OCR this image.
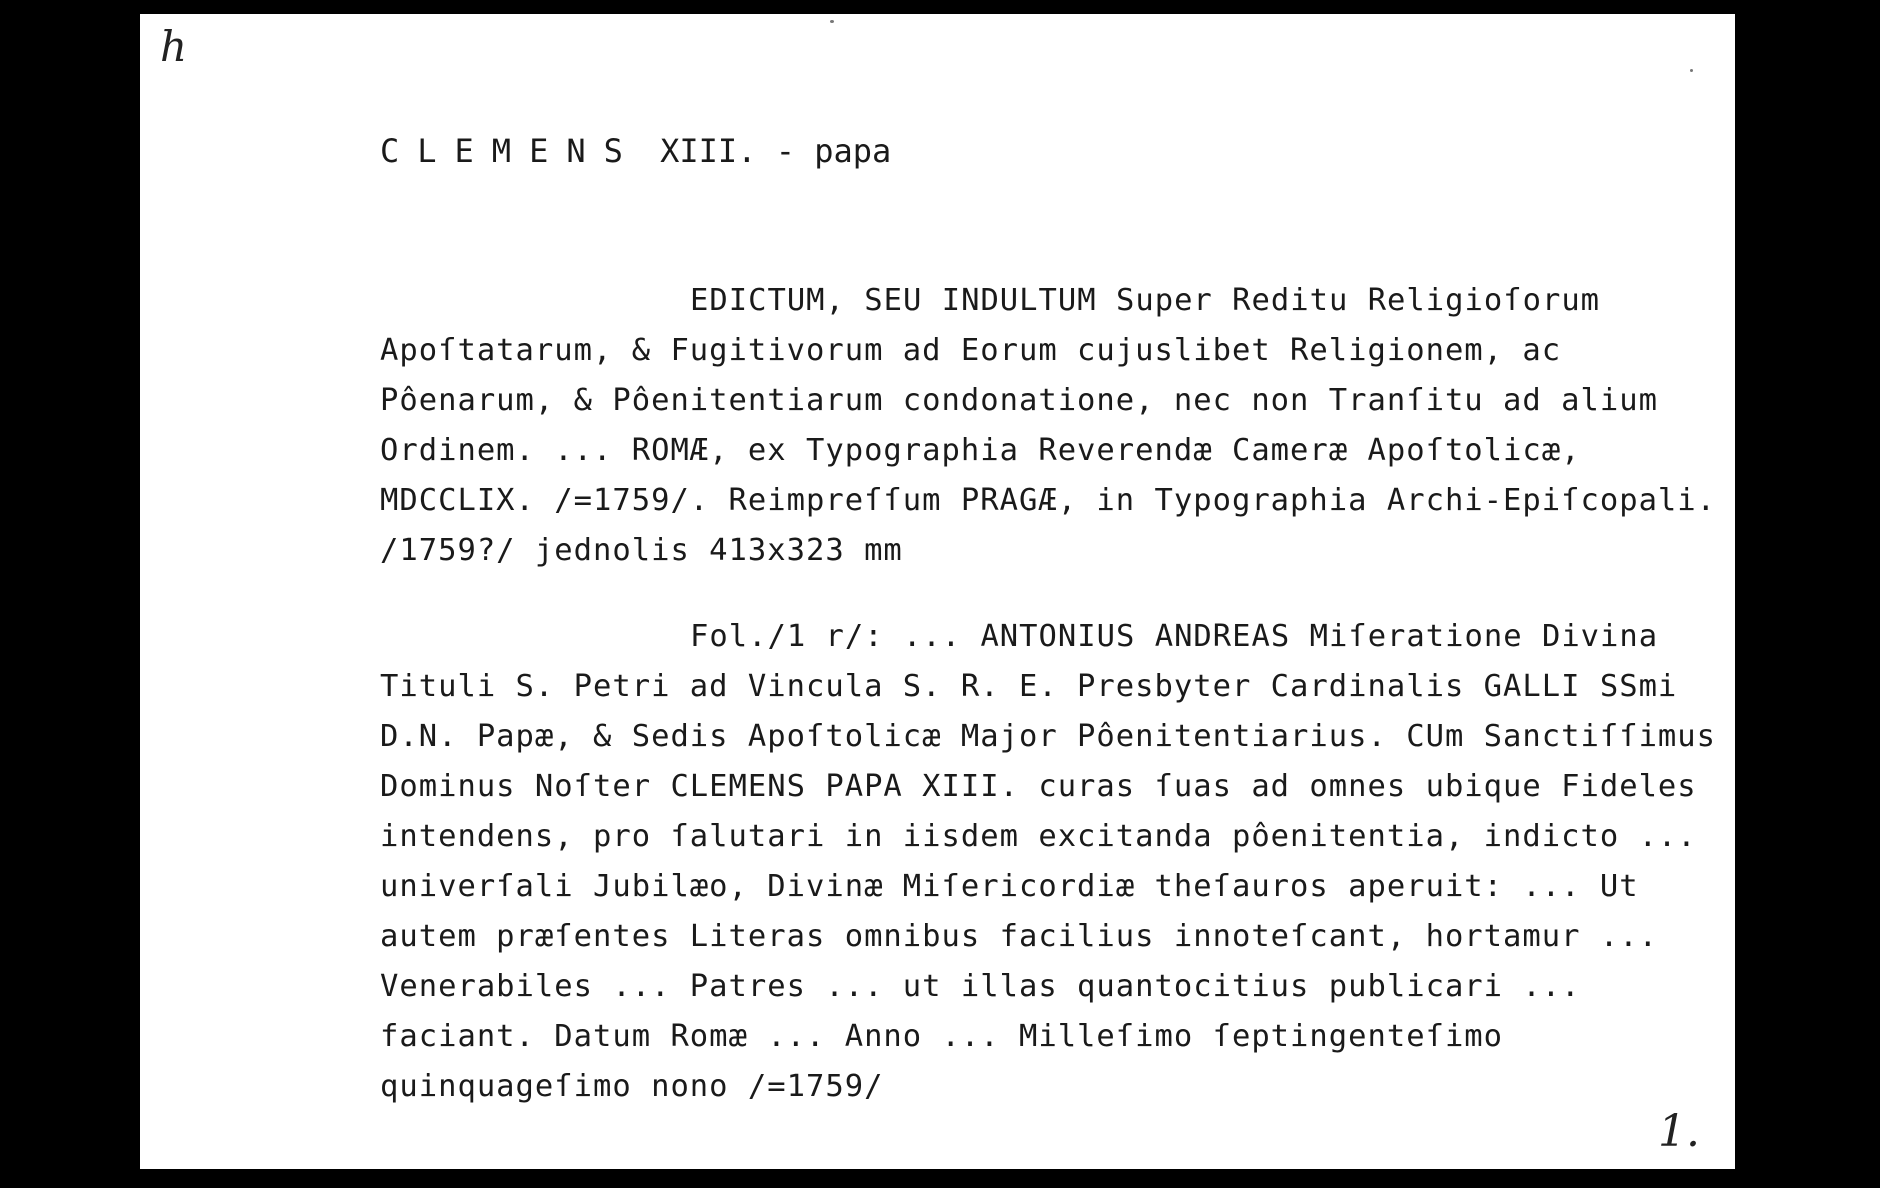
h
CLEMENS XIII. - papa

EDICTUM, SEU INDULTUM Super Reditu Religioſorum Apoſtatarum, & Fugitivorum ad Eorum cujuslibet Religionem, ac Pôenarum, & Pôenitentiarum condonatione, nec non Tranſitu ad alium Ordinem. ... ROMÆ, ex Typographia Reverendæ Cameræ Apoſtolicæ, MDCCLIX. /=1759/. Reimpreſſum PRAGÆ, in Typographia Archi-Epiſcopali. /1759?/ jednolis 413x323 mm

Fol./1 r/: ... ANTONIUS ANDREAS Miſeratione Divina Tituli S. Petri ad Vincula S. R. E. Presbyter Cardinalis GALLI SSmi D.N. Papæ, & Sedis Apoſtolicæ Major Pôenitentiarius. CUm Sanctiſſimus Dominus Noſter CLEMENS PAPA XIII. curas ſuas ad omnes ubique Fideles intendens, pro ſalutari in iisdem excitanda pôenitentia, indicto ... univerſali Jubilæo, Divinæ Miſericordiæ theſauros aperuit: ... Ut autem præſentes Literas omnibus facilius innoteſcant, hortamur ... Venerabiles ... Patres ... ut illas quantocitius publicari ... faciant. Datum Romæ ... Anno ... Milleſimo ſeptingenteſimo quinquageſimo nono /=1759/

1.
